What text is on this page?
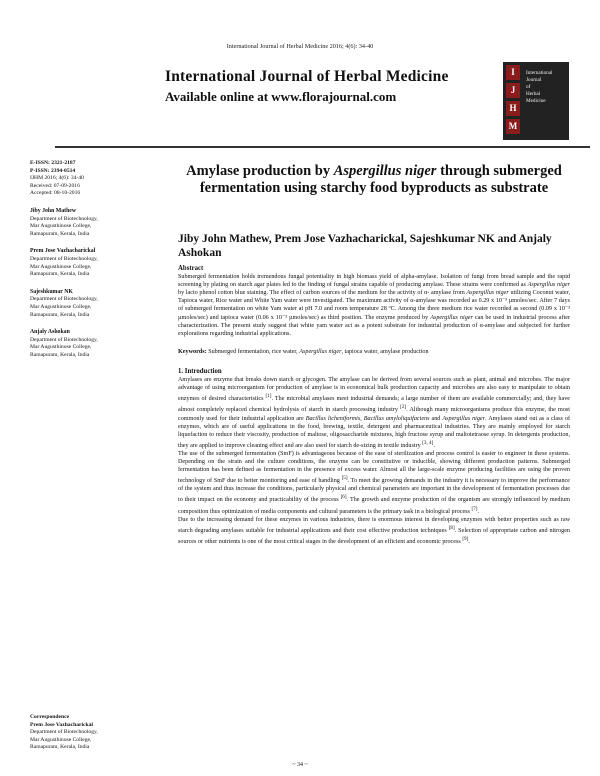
International Journal of Herbal Medicine 2016; 4(6): 34-40
International Journal of Herbal Medicine
Available online at www.florajournal.com
I
J
H
M
International
Journal
of
Herbal
Medicine
E-ISSN: 2321-2187
P-ISSN: 2394-0514
IJHM 2016; 4(6): 34-40
Received: 07-09-2016
Accepted: 08-10-2016
Jiby John Mathew
Department of Biotechnology,
Mar Augusthinose College,
Ramapuram, Kerala, India
Prem Jose Vazhacharickal
Department of Biotechnology,
Mar Augusthinose College,
Ramapuram, Kerala, India
Sajeshkumar NK
Department of Biotechnology,
Mar Augusthinose College,
Ramapuram, Kerala, India
Anjaly Ashokan
Department of Biotechnology,
Mar Augusthinose College,
Ramapuram, Kerala, India
Correspondence
Prem Jose Vazhacharickal
Department of Biotechnology,
Mar Augusthinose College,
Ramapuram, Kerala, India
Amylase production by Aspergillus niger through submerged fermentation using starchy food byproducts as substrate
Jiby John Mathew, Prem Jose Vazhacharickal, Sajeshkumar NK and Anjaly Ashokan
Abstract

Submerged fermentation holds tremendous fungal potentiality in high biomass yield of alpha-amylase. Isolation of fungi from bread sample and the rapid screening by plating on starch agar plates led to the finding of fungal strains capable of producing amylase. These strains were confirmed as Aspergillus niger by lacto phenol cotton blue staining. The effect of carbon sources of the medium for the activity of α- amylase from Aspergillus niger utilizing Coconut water, Tapioca water, Rice water and White Yam water were investigated. The maximum activity of α-amylase was recorded as 0.29 x 10⁻³ µmoles/sec. After 7 days of submerged fermentation on white Yam water at pH 7.0 and room temperature 28 ºC. Among the three medium rice water recorded as second (0.09 x 10⁻³ µmoles/sec) and tapioca water (0.06 x 10⁻³ µmoles/sec) as third position. The enzyme produced by Aspergillus niger can be used in industrial process after characterization. The present study suggest that white yam water act as a potent substrate for industrial production of α-amylase and subjected for further explorations regarding industrial applications.

Keywords: Submerged fermentation, rice water, Aspergillus niger, tapioca water, amylase production

1. Introduction

Amylases are enzyme that breaks down starch or glycogen. The amylase can be derived from several sources such as plant, animal and microbes. The major advantage of using microorganism for production of amylase is in economical bulk production capacity and microbes are also easy to manipulate to obtain enzymes of desired characteristics [1]. The microbial amylases meet industrial demands; a large number of them are available commercially; and, they have almost completely replaced chemical hydrolysis of starch in starch processing industry [2]. Although many microorganisms produce this enzyme, the most commonly used for their industrial application are Bacillus licheniformis, Bacillus amyloliquifaciens and Aspergillus niger. Amylases stand out as a class of enzymes, which are of useful applications in the food, brewing, textile, detergent and pharmaceutical industries. They are mainly employed for starch liquefaction to reduce their viscosity, production of maltose, oligosaccharide mixtures, high fructose syrup and maltotetraose syrup. In detergents production, they are applied to improve cleaning effect and are also used for starch de-sizing in textile industry [3, 4].

The use of the submerged fermentation (SmF) is advantageous because of the ease of sterilization and process control is easier to engineer in these systems. Depending on the strain and the culture conditions, the enzyme can be constitutive or inducible, showing different production patterns. Submerged fermentation has been defined as fermentation in the presence of excess water. Almost all the large-scale enzyme producing facilities are using the proven technology of SmF due to better monitoring and ease of handling [5]. To meet the growing demands in the industry it is necessary to improve the performance of the system and thus increase the conditions, particularly physical and chemical parameters are important in the development of fermentation processes due to their impact on the economy and practicability of the process [6]. The growth and enzyme production of the organism are strongly influenced by medium composition thus optimization of media components and cultural parameters is the primary task in a biological process [7].

Due to the increasing demand for these enzymes in various industries, there is enormous interest in developing enzymes with better properties such as raw starch degrading amylases suitable for industrial applications and their cost effective production techniques [8]. Selection of appropriate carbon and nitrogen sources or other nutrients is one of the most critical stages in the development of an efficient and economic process [9].

~ 34 ~
